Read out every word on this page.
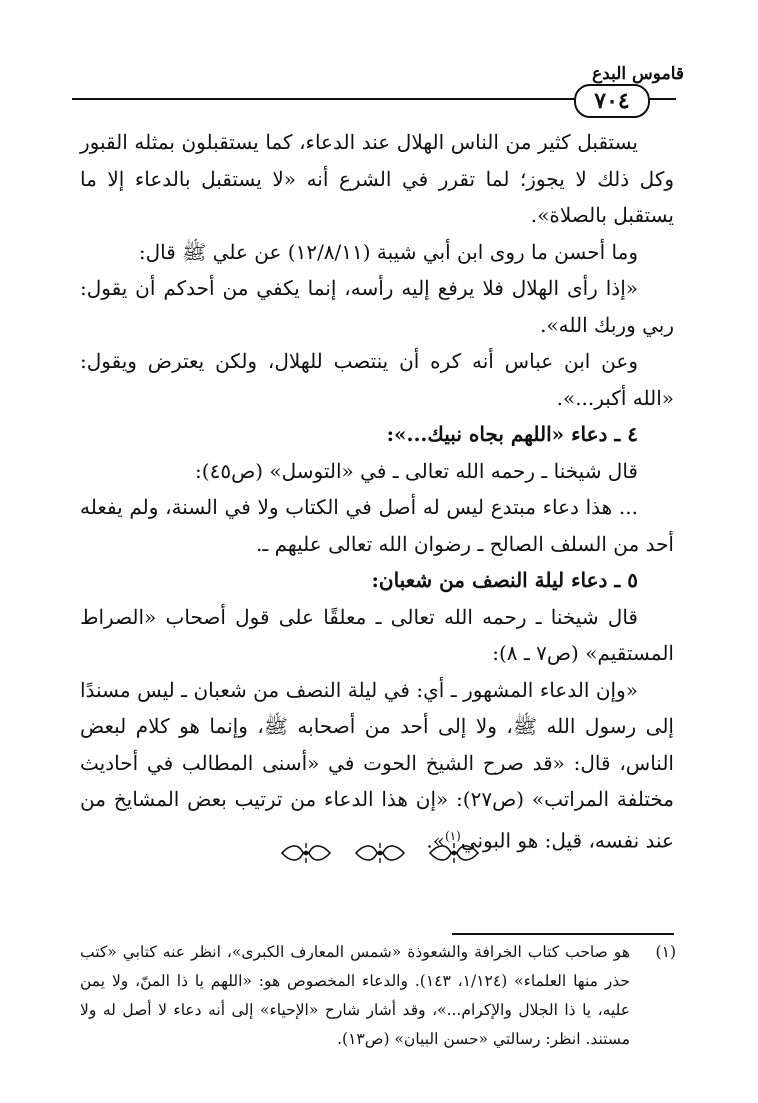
قاموس البدع
٧٠٤

يستقبل كثير من الناس الهلال عند الدعاء، كما يستقبلون بمثله القبور وكل ذلك لا يجوز؛ لما تقرر في الشرع أنه «لا يستقبل بالدعاء إلا ما يستقبل بالصلاة».

وما أحسن ما روى ابن أبي شيبة (١٢/٨/١١) عن علي ﷺ قال:

«إذا رأى الهلال فلا يرفع إليه رأسه، إنما يكفي من أحدكم أن يقول: ربي وربك الله».

وعن ابن عباس أنه كره أن ينتصب للهلال، ولكن يعترض ويقول: «الله أكبر...».

٤ ـ دعاء «اللهم بجاه نبيك...»:

قال شيخنا ـ رحمه الله تعالى ـ في «التوسل» (ص٤٥):

... هذا دعاء مبتدع ليس له أصل في الكتاب ولا في السنة، ولم يفعله أحد من السلف الصالح ـ رضوان الله تعالى عليهم ـ.

٥ ـ دعاء ليلة النصف من شعبان:

قال شيخنا ـ رحمه الله تعالى ـ معلقًا على قول أصحاب «الصراط المستقيم» (ص٧ ـ ٨):

«وإن الدعاء المشهور ـ أي: في ليلة النصف من شعبان ـ ليس مسندًا إلى رسول الله ﷺ، ولا إلى أحد من أصحابه ﷺ، وإنما هو كلام لبعض الناس، قال: «قد صرح الشيخ الحوت في «أسنى المطالب في أحاديث مختلفة المراتب» (ص٢٧): «إن هذا الدعاء من ترتيب بعض المشايخ من عند نفسه، قيل: هو البوني$^{(١)}$».

(١)
هو صاحب كتاب الخرافة والشعوذة «شمس المعارف الكبرى»، انظر عنه كتابي «كتب حذر منها العلماء» (١/١٢٤، ١٤٣). والدعاء المخصوص هو: «اللهم يا ذا المنّ، ولا يمن عليه، يا ذا الجلال والإكرام...»، وقد أشار شارح «الإحياء» إلى أنه دعاء لا أصل له ولا مستند. انظر: رسالتي «حسن البيان» (ص١٣).
